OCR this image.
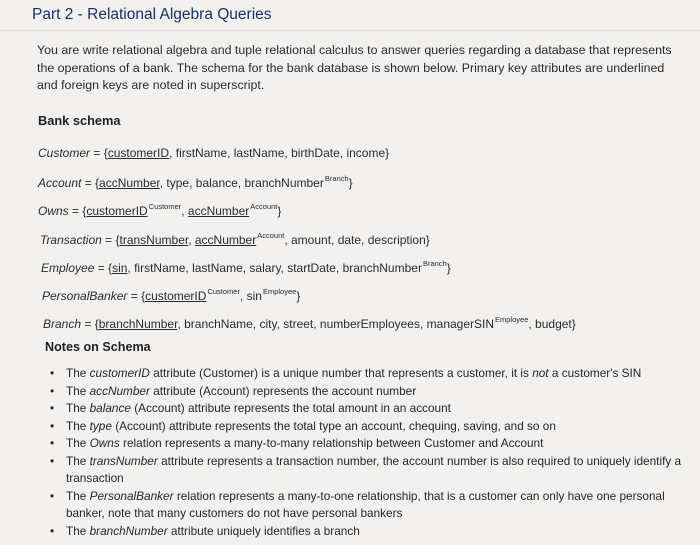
Part 2 - Relational Algebra Queries
You are write relational algebra and tuple relational calculus to answer queries regarding a database that represents the operations of a bank. The schema for the bank database is shown below. Primary key attributes are underlined and foreign keys are noted in superscript.
Bank schema
Customer = {customerID, firstName, lastName, birthDate, income}
Account = {accNumber, type, balance, branchNumber$^{Branch}$}
Owns = {customerID$^{Customer}$, accNumber$^{Account}$}
Transaction = {transNumber, accNumber$^{Account}$, amount, date, description}
Employee = {sin, firstName, lastName, salary, startDate, branchNumber$^{Branch}$}
PersonalBanker = {customerID$^{Customer}$, $\sin^{Employee}$}
Branch = {branchNumber, branchName, city, street, numberEmployees, managerSIN$^{Employee}$, budget}
Notes on Schema
• The customerID attribute (Customer) is a unique number that represents a customer, it is not a customer's SIN
• The accNumber attribute (Account) represents the account number
• The balance (Account) attribute represents the total amount in an account
• The type (Account) attribute represents the total type an account, chequing, saving, and so on
• The Owns relation represents a many-to-many relationship between Customer and Account
• The transNumber attribute represents a transaction number, the account number is also required to uniquely identify a transaction
• The PersonalBanker relation represents a many-to-one relationship, that is a customer can only have one personal banker, note that many customers do not have personal bankers
• The branchNumber attribute uniquely identifies a branch
